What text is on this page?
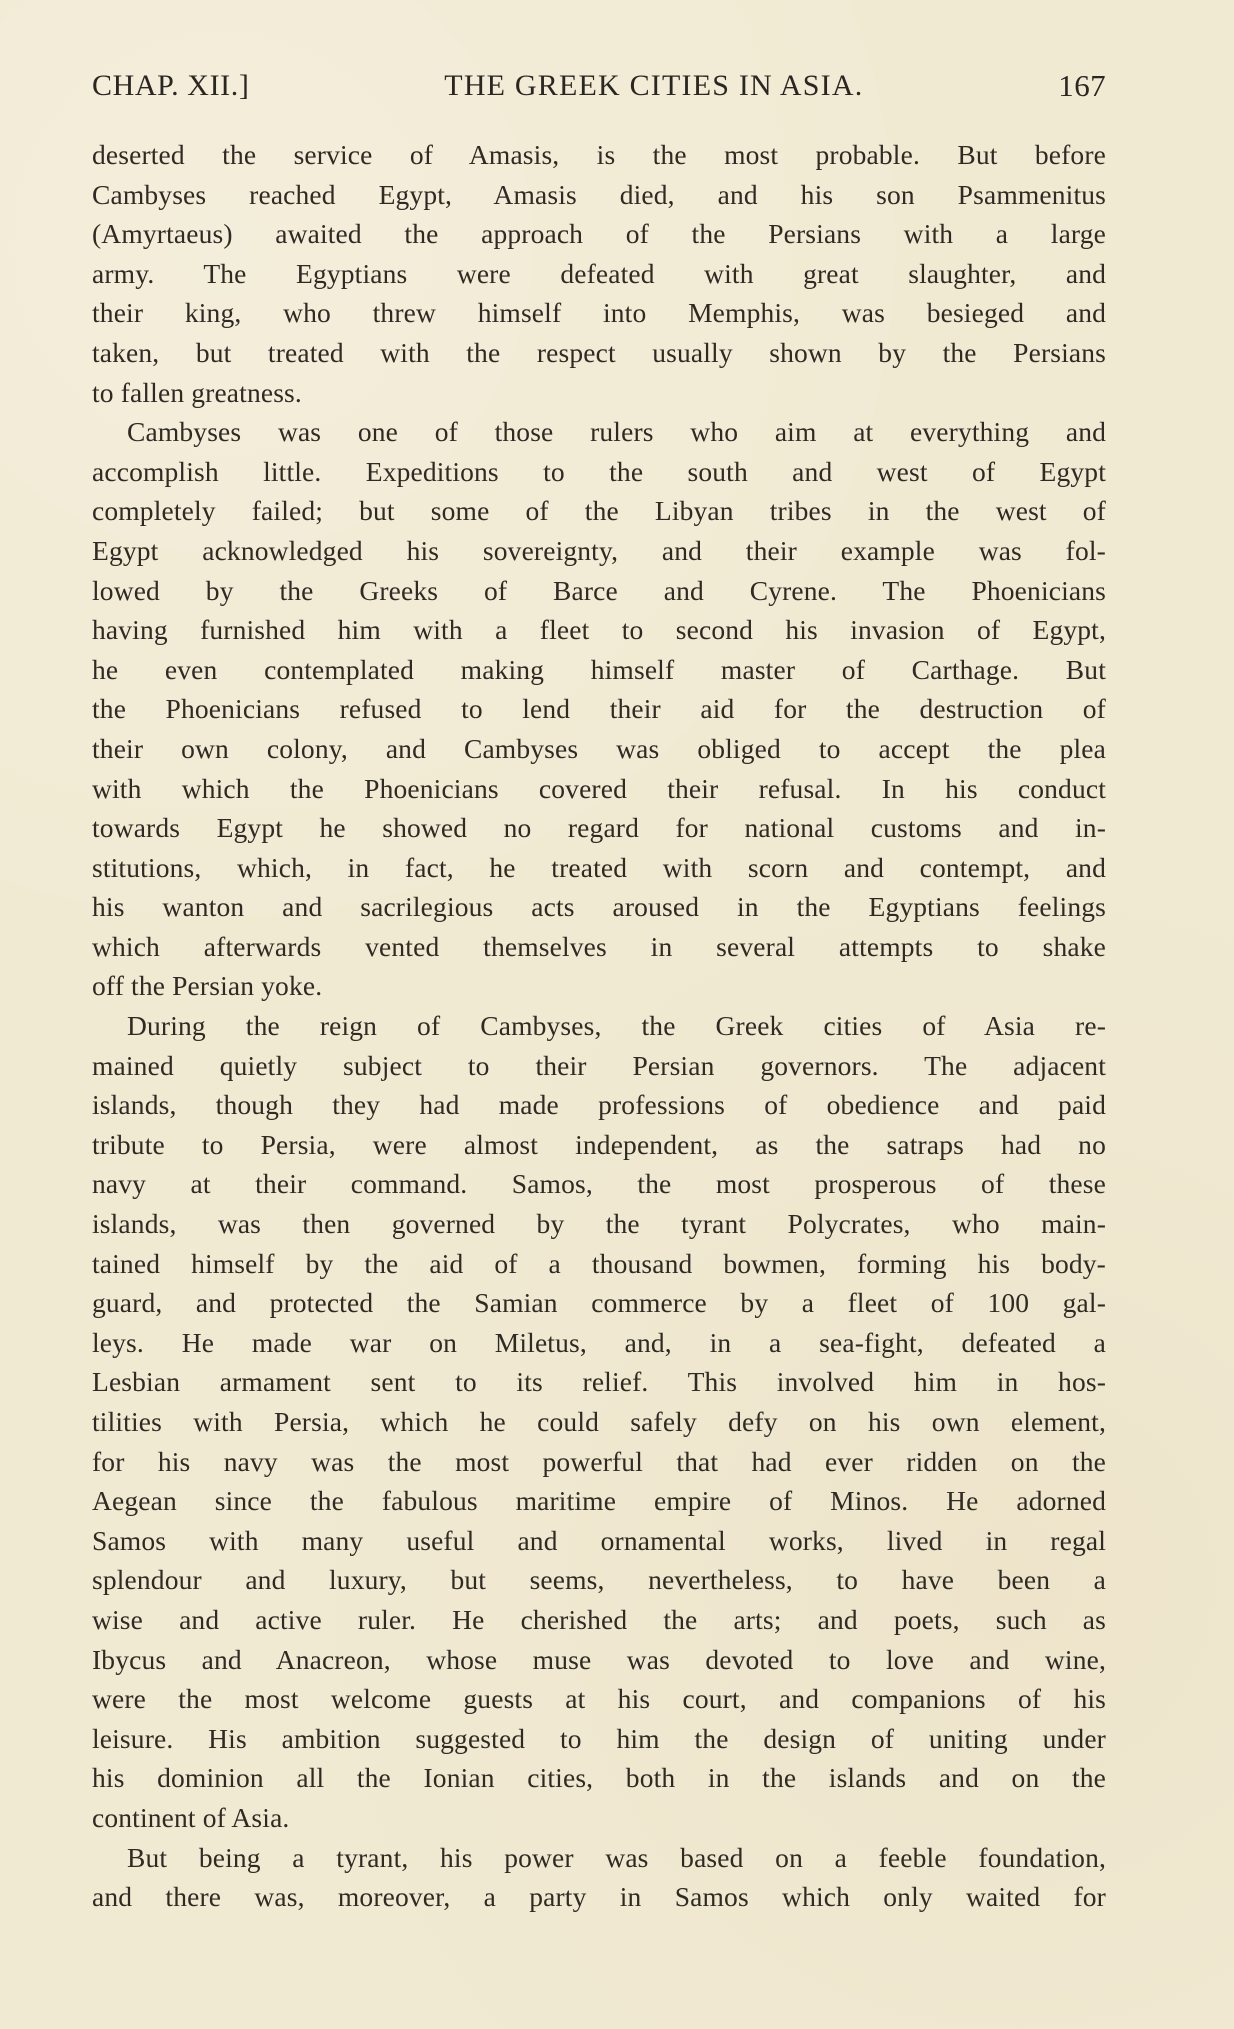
CHAP. XII.]	THE GREEK CITIES IN ASIA.	167
deserted the service of Amasis, is the most probable. But before
Cambyses reached Egypt, Amasis died, and his son Psammenitus
(Amyrtaeus) awaited the approach of the Persians with a large
army. The Egyptians were defeated with great slaughter, and
their king, who threw himself into Memphis, was besieged and
taken, but treated with the respect usually shown by the Persians
to fallen greatness.
Cambyses was one of those rulers who aim at everything and
accomplish little. Expeditions to the south and west of Egypt
completely failed; but some of the Libyan tribes in the west of
Egypt acknowledged his sovereignty, and their example was fol-
lowed by the Greeks of Barce and Cyrene. The Phoenicians
having furnished him with a fleet to second his invasion of Egypt,
he even contemplated making himself master of Carthage. But
the Phoenicians refused to lend their aid for the destruction of
their own colony, and Cambyses was obliged to accept the plea
with which the Phoenicians covered their refusal. In his conduct
towards Egypt he showed no regard for national customs and in-
stitutions, which, in fact, he treated with scorn and contempt, and
his wanton and sacrilegious acts aroused in the Egyptians feelings
which afterwards vented themselves in several attempts to shake
off the Persian yoke.
During the reign of Cambyses, the Greek cities of Asia re-
mained quietly subject to their Persian governors. The adjacent
islands, though they had made professions of obedience and paid
tribute to Persia, were almost independent, as the satraps had no
navy at their command. Samos, the most prosperous of these
islands, was then governed by the tyrant Polycrates, who main-
tained himself by the aid of a thousand bowmen, forming his body-
guard, and protected the Samian commerce by a fleet of 100 gal-
leys. He made war on Miletus, and, in a sea-fight, defeated a
Lesbian armament sent to its relief. This involved him in hos-
tilities with Persia, which he could safely defy on his own element,
for his navy was the most powerful that had ever ridden on the
Aegean since the fabulous maritime empire of Minos. He adorned
Samos with many useful and ornamental works, lived in regal
splendour and luxury, but seems, nevertheless, to have been a
wise and active ruler. He cherished the arts; and poets, such as
Ibycus and Anacreon, whose muse was devoted to love and wine,
were the most welcome guests at his court, and companions of his
leisure. His ambition suggested to him the design of uniting under
his dominion all the Ionian cities, both in the islands and on the
continent of Asia.
But being a tyrant, his power was based on a feeble foundation,
and there was, moreover, a party in Samos which only waited for
